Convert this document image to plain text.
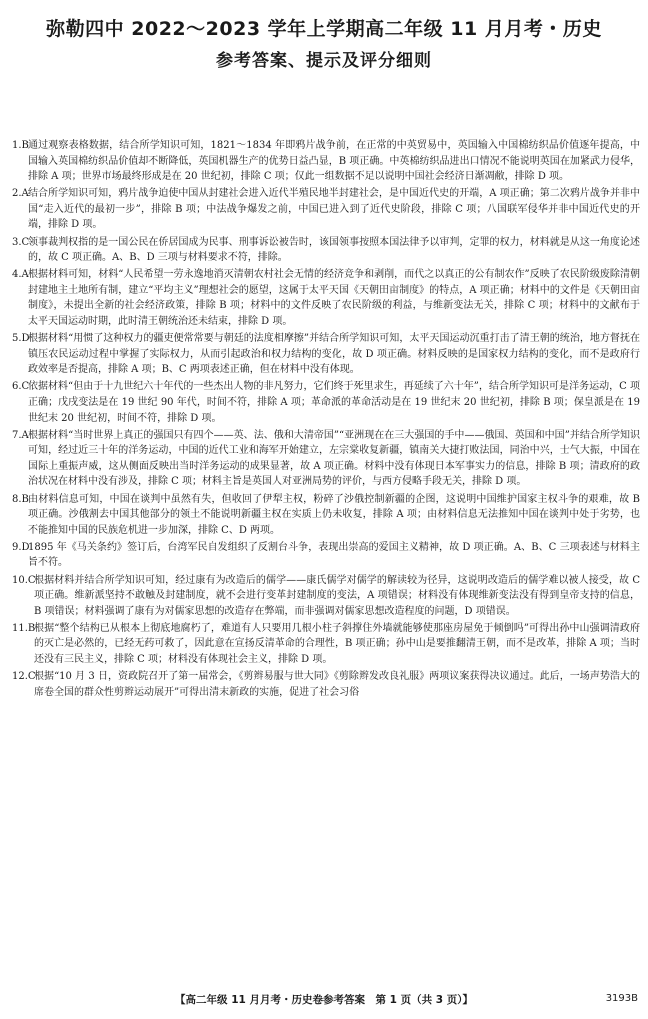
弥勒四中 2022～2023 学年上学期高二年级 11 月月考・历史
参考答案、提示及评分细则
1.B 通过观察表格数据，结合所学知识可知，1821～1834 年即鸦片战争前，在正常的中英贸易中，英国输入中国棉纺织品价值逐年提高，中国输入英国棉纺织品价值却不断降低，英国机器生产的优势日益凸显，B 项正确。中英棉纺织品进出口情况不能说明英国在加紧武力侵华，排除 A 项；世界市场最终形成是在 20 世纪初，排除 C 项；仅此一组数据不足以说明中国社会经济日渐凋敝，排除 D 项。
2.A 结合所学知识可知，鸦片战争迫使中国从封建社会进入近代半殖民地半封建社会，是中国近代史的开端，A 项正确；第二次鸦片战争并非中国“走入近代的最初一步”，排除 B 项；中法战争爆发之前，中国已进入到了近代史阶段，排除 C 项；八国联军侵华并非中国近代史的开端，排除 D 项。
3.C
领事裁判权指的是一国公民在侨居国成为民事、刑事诉讼被告时，该国领事按照本国法律予以审判，定罪的权力，材料就是从这一角度论述的，故 C 项正确。A、B、D 三项与材料要求不符，排除。
4.A 根据材料可知，材料“人民希望一劳永逸地消灭清朝农村社会无情的经济竞争和剥削，而代之以真正的公有制农作”反映了农民阶级废除清朝封建地主土地所有制，建立“平均主义”理想社会的愿望，这属于太平天国《天朝田亩制度》的特点，A 项正确；材料中的文件是《天朝田亩制度》，未提出全新的社会经济政策，排除 B 项；材料中的文件反映了农民阶级的利益，与维新变法无关，排除 C 项；材料中的文献布于太平天国运动时期，此时清王朝统治还未结束，排除 D 项。
5.D
根据材料“用惯了这种权力的疆吏便常常要与朝廷的法度相摩擦”并结合所学知识可知，太平天国运动沉重打击了清王朝的统治，地方督抚在镇压农民运动过程中掌握了实际权力，从而引起政治和权力结构的变化，故 D 项正确。材料反映的是国家权力结构的变化，而不是政府行政效率是否提高，排除 A 项；B、C 两项表述正确，但在材料中没有体现。
6.C
依据材料“但由于十九世纪六十年代的一些杰出人物的非凡努力，它们终于死里求生，再延续了六十年”，结合所学知识可是洋务运动，C 项正确；戊戌变法是在 19 世纪 90 年代，时间不符，排除 A 项；革命派的革命活动是在 19 世纪末 20 世纪初，排除 B 项；保皇派是在 19 世纪末 20 世纪初，时间不符，排除 D 项。
7.A 根据材料“当时世界上真正的强国只有四个——英、法、俄和大清帝国”“亚洲现在在三大强国的手中——俄国、英国和中国”并结合所学知识可知，经过近三十年的洋务运动，中国的近代工业和海军开始建立，左宗棠收复新疆，镇南关大捷打败法国，同治中兴，士气大振，中国在国际上重振声威，这从侧面反映出当时洋务运动的成果显著，故 A 项正确。材料中没有体现日本军事实力的信息，排除 B 项；清政府的政治状况在材料中没有涉及，排除 C 项；材料主旨是英国人对亚洲局势的评价，与西方侵略手段无关，排除 D 项。
8.B 由材料信息可知，中国在谈判中虽然有失，但收回了伊犁主权，粉碎了沙俄控制新疆的企图，这说明中国维护国家主权斗争的艰难，故 B 项正确。沙俄割去中国其他部分的领土不能说明新疆主权在实质上仍未收复，排除 A 项；由材料信息无法推知中国在谈判中处于劣势，也不能推知中国的民族危机进一步加深，排除 C、D 两项。
9.D
1895 年《马关条约》签订后，台湾军民自发组织了反割台斗争，表现出崇高的爱国主义精神，故 D 项正确。A、B、C 三项表述与材料主旨不符。
10.C
根据材料并结合所学知识可知，经过康有为改造后的儒学——康氏儒学对儒学的解读较为径异，这说明改造后的儒学难以被人接受，故 C 项正确。维新派坚持不敢触及封建制度，就不会进行变革封建制度的变法，A 项错误；材料没有体现维新变法没有得到皇帝支持的信息，B 项错误；材料强调了康有为对儒家思想的改造存在弊端，而非强调对儒家思想改造程度的问题，D 项错误。
11.B
根据“整个结构已从根本上彻底地腐朽了，难道有人只要用几根小柱子斜撑住外墙就能够使那座房屋免于倾倒吗”可得出孙中山强调清政府的灭亡是必然的，已经无药可救了，因此意在宣扬反清革命的合理性，B 项正确；孙中山是要推翻清王朝，而不是改革，排除 A 项；当时还没有三民主义，排除 C 项；材料没有体现社会主义，排除 D 项。
12.C
根据“10 月 3 日，资政院召开了第一届常会，《剪辫易服与世大同》《剪除辫发改良礼服》两项议案获得决议通过。此后，一场声势浩大的席卷全国的群众性剪辫运动展开”可得出清末新政的实施，促进了社会习俗
【高二年级 11 月月考・历史卷参考答案　第 1 页（共 3 页）】	3193B
